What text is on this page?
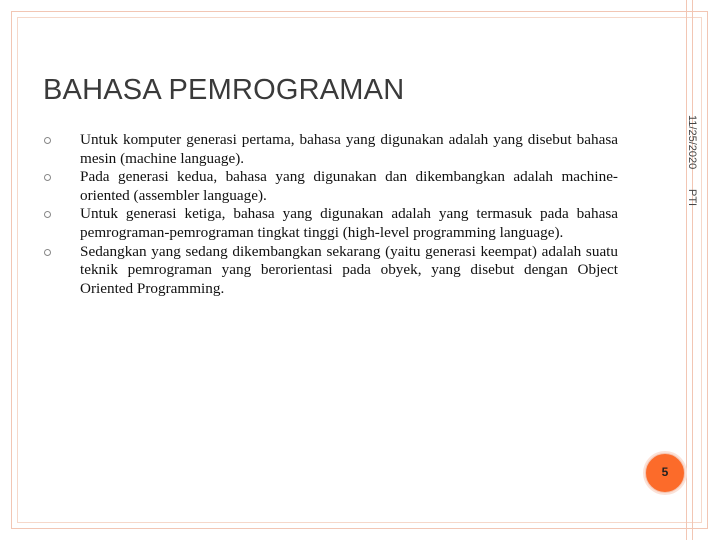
BAHASA PEMROGRAMAN
11/25/2020
PTI
Untuk komputer generasi pertama, bahasa yang digunakan adalah yang disebut bahasa mesin (machine language).
Pada generasi kedua, bahasa yang digunakan dan dikembangkan adalah machine-oriented (assembler language).
Untuk generasi ketiga, bahasa yang digunakan adalah yang termasuk pada bahasa pemrograman-pemrograman tingkat tinggi (high-level programming language).
Sedangkan yang sedang dikembangkan sekarang (yaitu generasi keempat) adalah suatu teknik pemrograman yang berorientasi pada obyek, yang disebut dengan Object Oriented Programming.
5
